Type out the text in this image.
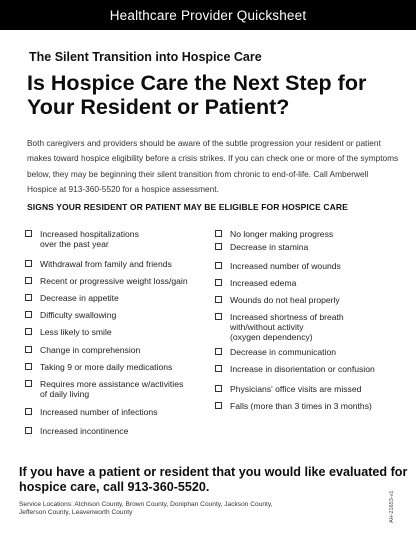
Healthcare Provider Quicksheet
The Silent Transition into Hospice Care
Is Hospice Care the Next Step for Your Resident or Patient?
Both caregivers and providers should be aware of the subtle progression your resident or patient makes toward hospice eligibility before a crisis strikes. If you can check one or more of the symptoms below, they may be beginning their silent transition from chronic to end-of-life. Call Amberwell Hospice at 913-360-5520 for a hospice assessment.
SIGNS YOUR RESIDENT OR PATIENT MAY BE ELIGIBLE FOR HOSPICE CARE
Increased hospitalizations
over the past year
Withdrawal from family and friends
Recent or progressive weight loss/gain
Decrease in appetite
Difficulty swallowing
Less likely to smile
Change in comprehension
Taking 9 or more daily medications
Requires more assistance w/activities
of daily living
Increased number of infections
Increased incontinence
No longer making progress
Decrease in stamina
Increased number of wounds
Increased edema
Wounds do not heal properly
Increased shortness of breath
with/without activity
(oxygen dependency)
Decrease in communication
Increase in disorientation or confusion
Physicians' office visits are missed
Falls (more than 3 times in 3 months)
If you have a patient or resident that you would like evaluated for hospice care, call 913-360-5520.
Service Locations: Atchison County, Brown County, Doniphan County, Jackson County, Jefferson County, Leavenworth County	AH-21653-v1
